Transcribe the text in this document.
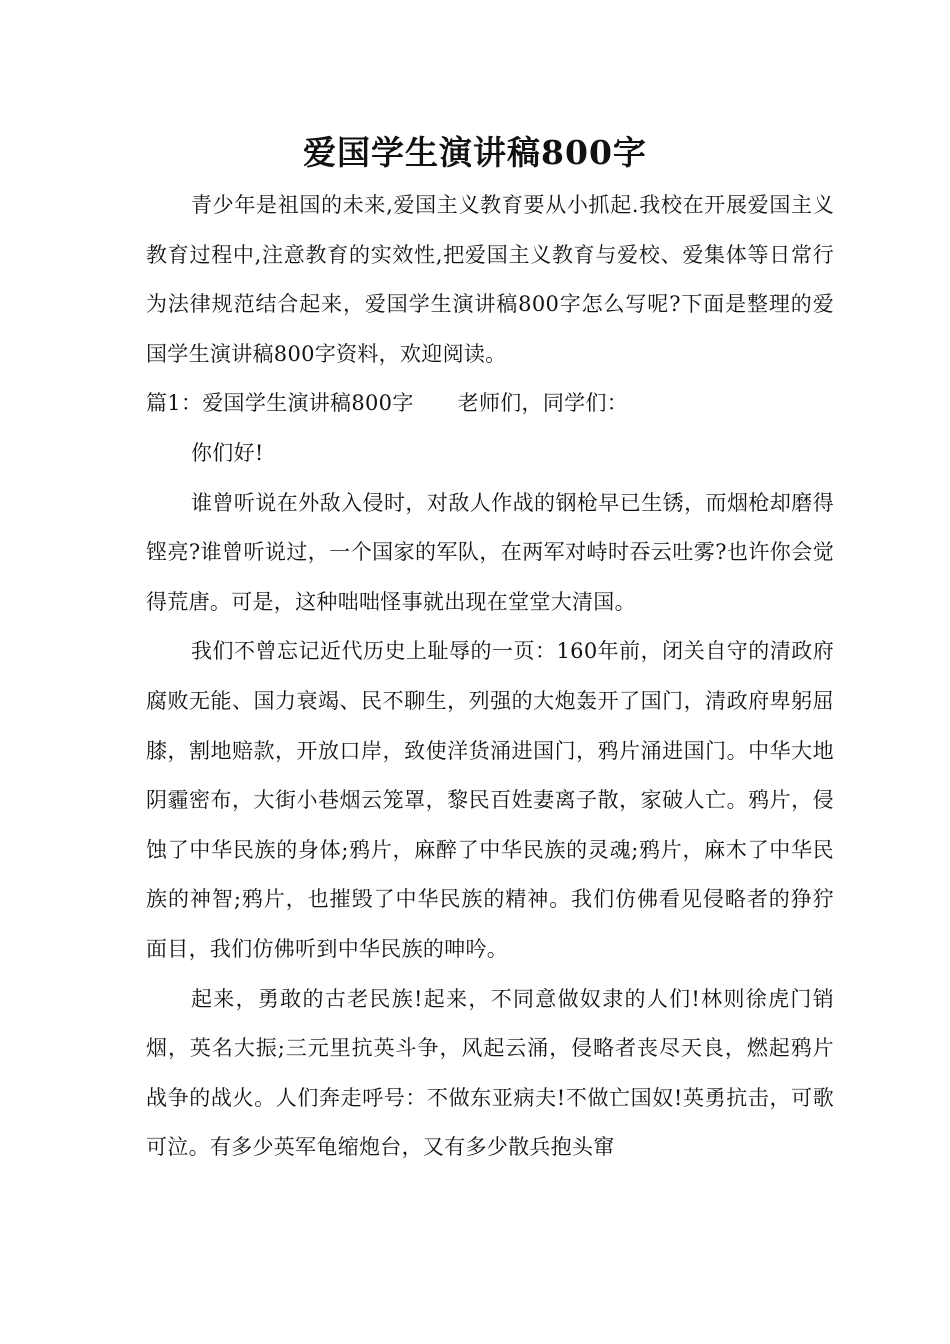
爱国学生演讲稿800字

青少年是祖国的未来,爱国主义教育要从小抓起.我校在开展爱国主义教育过程中,注意教育的实效性,把爱国主义教育与爱校、爱集体等日常行为法律规范结合起来，爱国学生演讲稿800字怎么写呢?下面是整理的爱国学生演讲稿800字资料，欢迎阅读。

篇1：爱国学生演讲稿800字 老师们，同学们：

你们好!

谁曾听说在外敌入侵时，对敌人作战的钢枪早已生锈，而烟枪却磨得铿亮?谁曾听说过，一个国家的军队，在两军对峙时吞云吐雾?也许你会觉得荒唐。可是，这种咄咄怪事就出现在堂堂大清国。

我们不曾忘记近代历史上耻辱的一页：160年前，闭关自守的清政府腐败无能、国力衰竭、民不聊生，列强的大炮轰开了国门，清政府卑躬屈膝，割地赔款，开放口岸，致使洋货涌进国门，鸦片涌进国门。中华大地阴霾密布，大街小巷烟云笼罩，黎民百姓妻离子散，家破人亡。鸦片，侵蚀了中华民族的身体;鸦片，麻醉了中华民族的灵魂;鸦片，麻木了中华民族的神智;鸦片，也摧毁了中华民族的精神。我们仿佛看见侵略者的狰狞面目，我们仿佛听到中华民族的呻吟。

起来，勇敢的古老民族!起来，不同意做奴隶的人们!林则徐虎门销烟，英名大振;三元里抗英斗争，风起云涌，侵略者丧尽天良，燃起鸦片战争的战火。人们奔走呼号：不做东亚病夫!不做亡国奴!英勇抗击，可歌可泣。有多少英军龟缩炮台，又有多少散兵抱头窜
